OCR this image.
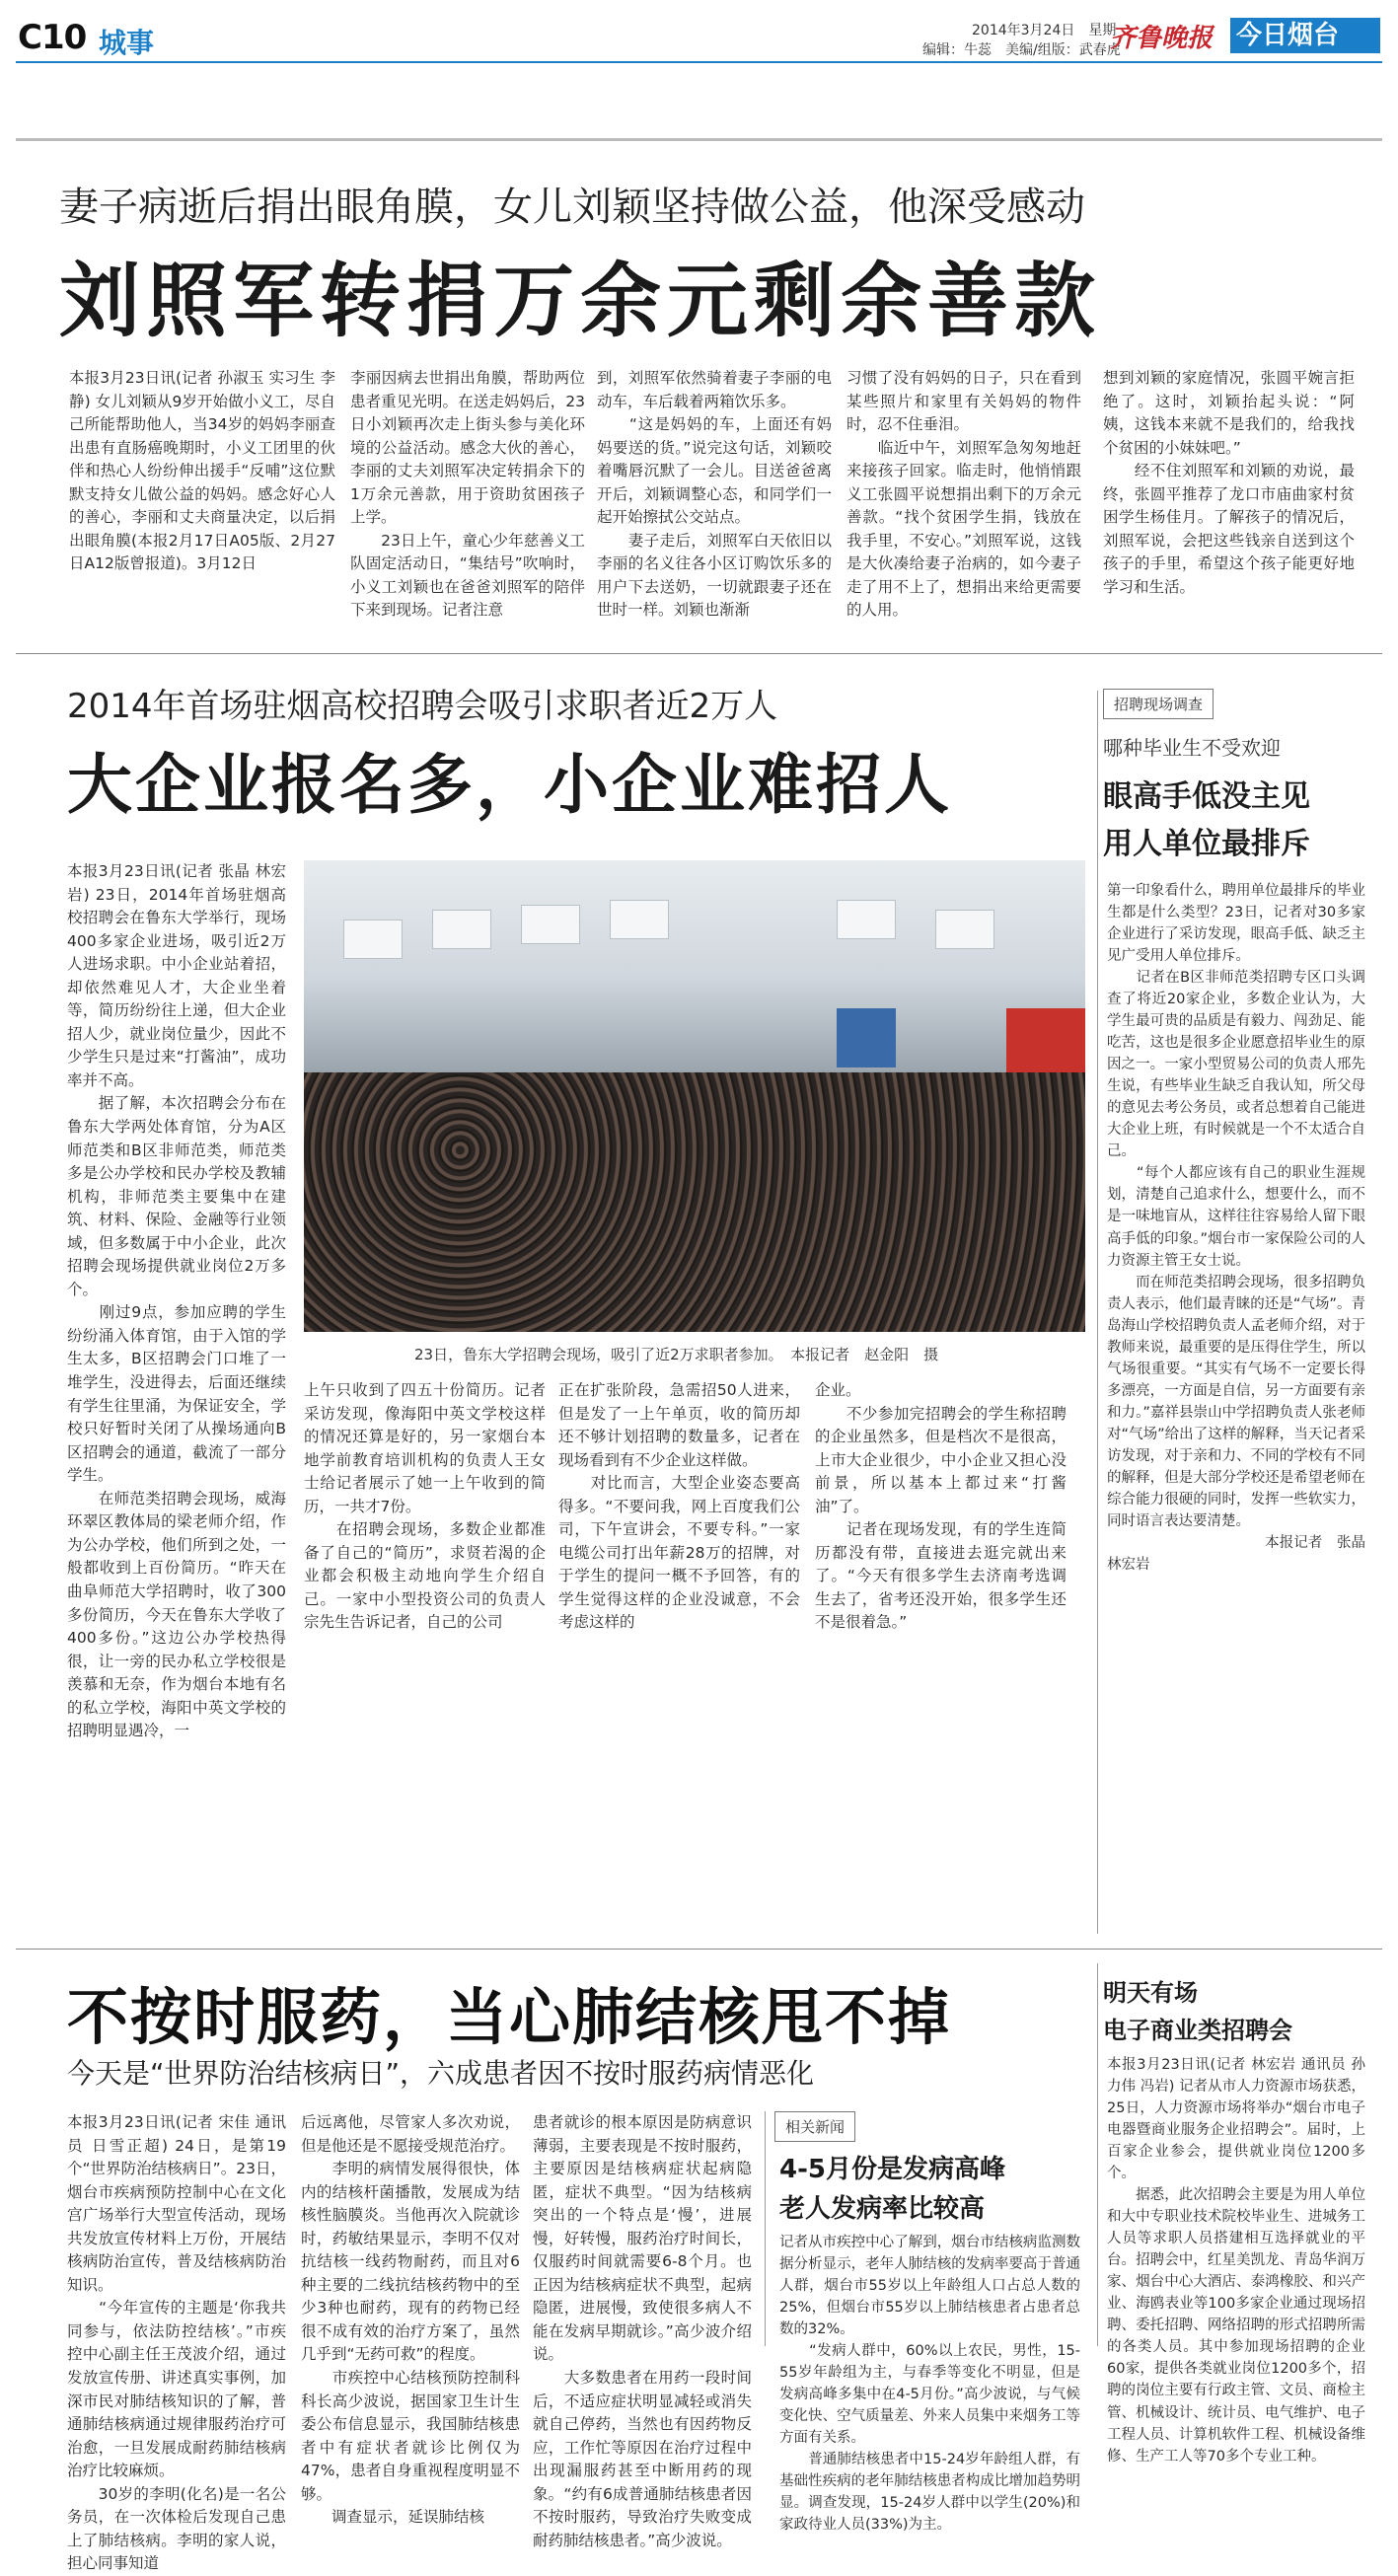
C10 城事	2014年3月24日　星期一
编辑：牛蕊　美编/组版：武春虎
齐鲁晚报 今日烟台
妻子病逝后捐出眼角膜，女儿刘颖坚持做公益，他深受感动
刘照军转捐万余元剩余善款
本报3月23日讯(记者 孙淑玉 实习生 李静) 女儿刘颖从9岁开始做小义工，尽自己所能帮助他人，当34岁的妈妈李丽查出患有直肠癌晚期时，小义工团里的伙伴和热心人纷纷伸出援手“反哺”这位默默支持女儿做公益的妈妈。感念好心人的善心，李丽和丈夫商量决定，以后捐出眼角膜(本报2月17日A05版、2月27日A12版曾报道)。3月12日
李丽因病去世捐出角膜，帮助两位患者重见光明。在送走妈妈后，23日小刘颖再次走上街头参与美化环境的公益活动。感念大伙的善心，李丽的丈夫刘照军决定转捐余下的1万余元善款，用于资助贫困孩子上学。
　　23日上午，童心少年慈善义工队固定活动日，“集结号”吹响时，小义工刘颖也在爸爸刘照军的陪伴下来到现场。记者注意
到，刘照军依然骑着妻子李丽的电动车，车后载着两箱饮乐多。
　　“这是妈妈的车，上面还有妈妈要送的货。”说完这句话，刘颖咬着嘴唇沉默了一会儿。目送爸爸离开后，刘颖调整心态，和同学们一起开始擦拭公交站点。
　　妻子走后，刘照军白天依旧以李丽的名义往各小区订购饮乐多的用户下去送奶，一切就跟妻子还在世时一样。刘颖也渐渐
习惯了没有妈妈的日子，只在看到某些照片和家里有关妈妈的物件时，忍不住垂泪。
　　临近中午，刘照军急匆匆地赶来接孩子回家。临走时，他悄悄跟义工张圆平说想捐出剩下的万余元善款。“找个贫困学生捐，钱放在我手里，不安心。”刘照军说，这钱是大伙凑给妻子治病的，如今妻子走了用不上了，想捐出来给更需要的人用。
想到刘颖的家庭情况，张圆平婉言拒绝了。这时，刘颖抬起头说：“阿姨，这钱本来就不是我们的，给我找个贫困的小妹妹吧。”
　　经不住刘照军和刘颖的劝说，最终，张圆平推荐了龙口市庙曲家村贫困学生杨佳月。了解孩子的情况后，刘照军说，会把这些钱亲自送到这个孩子的手里，希望这个孩子能更好地学习和生活。
2014年首场驻烟高校招聘会吸引求职者近2万人
大企业报名多，小企业难招人
本报3月23日讯(记者 张晶 林宏岩) 23日，2014年首场驻烟高校招聘会在鲁东大学举行，现场400多家企业进场，吸引近2万人进场求职。中小企业站着招，却依然难见人才，大企业坐着等，简历纷纷往上递，但大企业招人少，就业岗位量少，因此不少学生只是过来“打酱油”，成功率并不高。
　　据了解，本次招聘会分布在鲁东大学两处体育馆，分为A区师范类和B区非师范类，师范类多是公办学校和民办学校及教辅机构，非师范类主要集中在建筑、材料、保险、金融等行业领域，但多数属于中小企业，此次招聘会现场提供就业岗位2万多个。
　　刚过9点，参加应聘的学生纷纷涌入体育馆，由于入馆的学生太多，B区招聘会门口堆了一堆学生，没进得去，后面还继续有学生往里涌，为保证安全，学校只好暂时关闭了从操场通向B区招聘会的通道，截流了一部分学生。
　　在师范类招聘会现场，威海环翠区教体局的梁老师介绍，作为公办学校，他们所到之处，一般都收到上百份简历。“昨天在曲阜师范大学招聘时，收了300多份简历，今天在鲁东大学收了400多份。”这边公办学校热得很，让一旁的民办私立学校很是羡慕和无奈，作为烟台本地有名的私立学校，海阳中英文学校的招聘明显遇冷，一
23日，鲁东大学招聘会现场，吸引了近2万求职者参加。　本报记者　赵金阳　摄
上午只收到了四五十份简历。记者采访发现，像海阳中英文学校这样的情况还算是好的，另一家烟台本地学前教育培训机构的负责人王女士给记者展示了她一上午收到的简历，一共才7份。
　　在招聘会现场，多数企业都准备了自己的“简历”，求贤若渴的企业都会积极主动地向学生介绍自己。一家中小型投资公司的负责人宗先生告诉记者，自己的公司
正在扩张阶段，急需招50人进来，但是发了一上午单页，收的简历却还不够计划招聘的数量多，记者在现场看到有不少企业这样做。
　　对比而言，大型企业姿态要高得多。“不要问我，网上百度我们公司，下午宣讲会，不要专科。”一家电缆公司打出年薪28万的招牌，对于学生的提问一概不予回答，有的学生觉得这样的企业没诚意，不会考虑这样的
企业。
　　不少参加完招聘会的学生称招聘的企业虽然多，但是档次不是很高，上市大企业很少，中小企业又担心没前景，所以基本上都过来“打酱油”了。
　　记者在现场发现，有的学生连简历都没有带，直接进去逛完就出来了。“今天有很多学生去济南考选调生去了，省考还没开始，很多学生还不是很着急。”
招聘现场调查
哪种毕业生不受欢迎
眼高手低没主见
用人单位最排斥
第一印象看什么，聘用单位最排斥的毕业生都是什么类型？23日，记者对30多家企业进行了采访发现，眼高手低、缺乏主见广受用人单位排斥。
　　记者在B区非师范类招聘专区口头调查了将近20家企业，多数企业认为，大学生最可贵的品质是有毅力、闯劲足、能吃苦，这也是很多企业愿意招毕业生的原因之一。一家小型贸易公司的负责人邢先生说，有些毕业生缺乏自我认知，所父母的意见去考公务员，或者总想着自己能进大企业上班，有时候就是一个不太适合自己。
　　“每个人都应该有自己的职业生涯规划，清楚自己追求什么，想要什么，而不是一味地盲从，这样往往容易给人留下眼高手低的印象。”烟台市一家保险公司的人力资源主管王女士说。
　　而在师范类招聘会现场，很多招聘负责人表示，他们最青睐的还是“气场”。青岛海山学校招聘负责人孟老师介绍，对于教师来说，最重要的是压得住学生，所以气场很重要。“其实有气场不一定要长得多漂亮，一方面是自信，另一方面要有亲和力。”嘉祥县崇山中学招聘负责人张老师对“气场”给出了这样的解释，当天记者采访发现，对于亲和力、不同的学校有不同的解释，但是大部分学校还是希望老师在综合能力很硬的同时，发挥一些软实力，同时语言表达要清楚。
　　　　　　　　　　　本报记者　张晶　林宏岩
不按时服药，当心肺结核甩不掉
今天是“世界防治结核病日”，六成患者因不按时服药病情恶化
本报3月23日讯(记者 宋佳 通讯员 日雪正超) 24日，是第19个“世界防治结核病日”。23日，烟台市疾病预防控制中心在文化宫广场举行大型宣传活动，现场共发放宣传材料上万份，开展结核病防治宣传，普及结核病防治知识。
　　“今年宣传的主题是‘你我共同参与，依法防控结核’。”市疾控中心副主任王茂波介绍，通过发放宣传册、讲述真实事例，加深市民对肺结核知识的了解，普通肺结核病通过规律服药治疗可治愈，一旦发展成耐药肺结核病治疗比较麻烦。
　　30岁的李明(化名)是一名公务员，在一次体检后发现自己患上了肺结核病。李明的家人说，担心同事知道
后远离他，尽管家人多次劝说，但是他还是不愿接受规范治疗。
　　李明的病情发展得很快，体内的结核杆菌播散，发展成为结核性脑膜炎。当他再次入院就诊时，药敏结果显示，李明不仅对抗结核一线药物耐药，而且对6种主要的二线抗结核药物中的至少3种也耐药，现有的药物已经很不成有效的治疗方案了，虽然几乎到“无药可救”的程度。
　　市疾控中心结核预防控制科科长高少波说，据国家卫生计生委公布信息显示，我国肺结核患者中有症状者就诊比例仅为47%，患者自身重视程度明显不够。
　　调查显示，延误肺结核
患者就诊的根本原因是防病意识薄弱，主要表现是不按时服药，主要原因是结核病症状起病隐匿，症状不典型。“因为结核病突出的一个特点是‘慢’，进展慢，好转慢，服药治疗时间长，仅服药时间就需要6-8个月。也正因为结核病症状不典型，起病隐匿，进展慢，致使很多病人不能在发病早期就诊。”高少波介绍说。
　　大多数患者在用药一段时间后，不适应症状明显减轻或消失就自己停药，当然也有因药物反应，工作忙等原因在治疗过程中出现漏服药甚至中断用药的现象。“约有6成普通肺结核患者因不按时服药，导致治疗失败变成耐药肺结核患者。”高少波说。
相关新闻
4-5月份是发病高峰
老人发病率比较高
记者从市疾控中心了解到，烟台市结核病监测数据分析显示，老年人肺结核的发病率要高于普通人群，烟台市55岁以上年龄组人口占总人数的25%，但烟台市55岁以上肺结核患者占患者总数的32%。
　　“发病人群中，60%以上农民，男性，15-55岁年龄组为主，与春季等变化不明显，但是发病高峰多集中在4-5月份。”高少波说，与气候变化快、空气质量差、外来人员集中来烟务工等方面有关系。
　　普通肺结核患者中15-24岁年龄组人群，有基础性疾病的老年肺结核患者构成比增加趋势明显。调查发现，15-24岁人群中以学生(20%)和家政待业人员(33%)为主。
明天有场
电子商业类招聘会
本报3月23日讯(记者 林宏岩 通讯员 孙力伟 冯岩) 记者从市人力资源市场获悉，25日，人力资源市场将举办“烟台市电子电器暨商业服务企业招聘会”。届时，上百家企业参会，提供就业岗位1200多个。
　　据悉，此次招聘会主要是为用人单位和大中专职业技术院校毕业生、进城务工人员等求职人员搭建相互选择就业的平台。招聘会中，红星美凯龙、青岛华润万家、烟台中心大酒店、泰鸿橡胶、和兴产业、海鸥表业等100多家企业通过现场招聘、委托招聘、网络招聘的形式招聘所需的各类人员。其中参加现场招聘的企业60家，提供各类就业岗位1200多个，招聘的岗位主要有行政主管、文员、商检主管、机械设计、统计员、电气维护、电子工程人员、计算机软件工程、机械设备维修、生产工人等70多个专业工种。
